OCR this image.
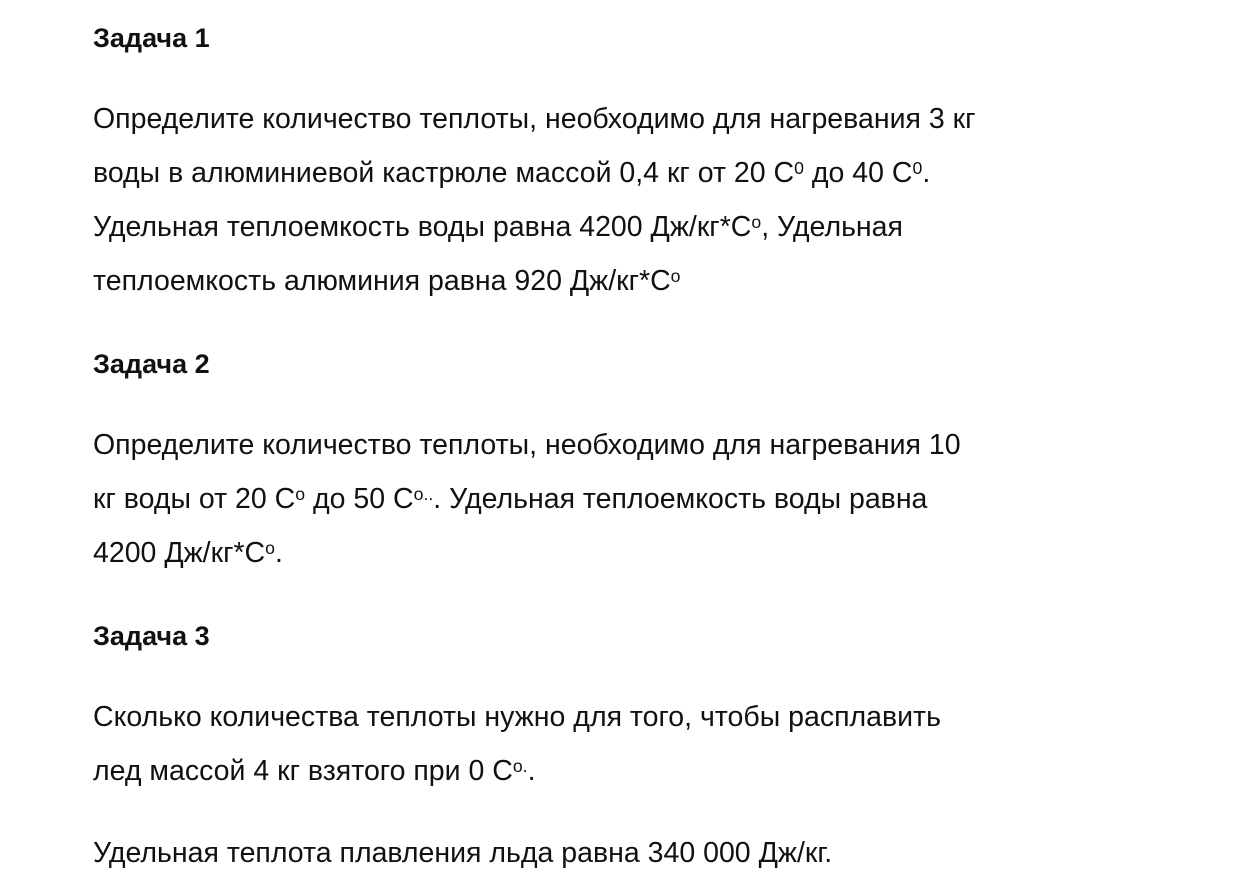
Задача 1
Определите количество теплоты, необходимо для нагревания 3 кг
воды в алюминиевой кастрюле массой 0,4 кг от 20 $С^0$ до 40 $С^0$.
Удельная теплоемкость воды равна 4200 $Дж/кг*С^о$, Удельная
теплоемкость алюминия равна 920 $Дж/кг*С^о$
Задача 2
Определите количество теплоты, необходимо для нагревания 10
кг воды от 20 $С^о$ до 50 $С^{о..}$. Удельная теплоемкость воды равна
4200 $Дж/кг*С^о$.
Задача 3
Сколько количества теплоты нужно для того, чтобы расплавить
лед массой 4 кг взятого при 0 $С^{о.}$.
Удельная теплота плавления льда равна 340 000 Дж/кг.
